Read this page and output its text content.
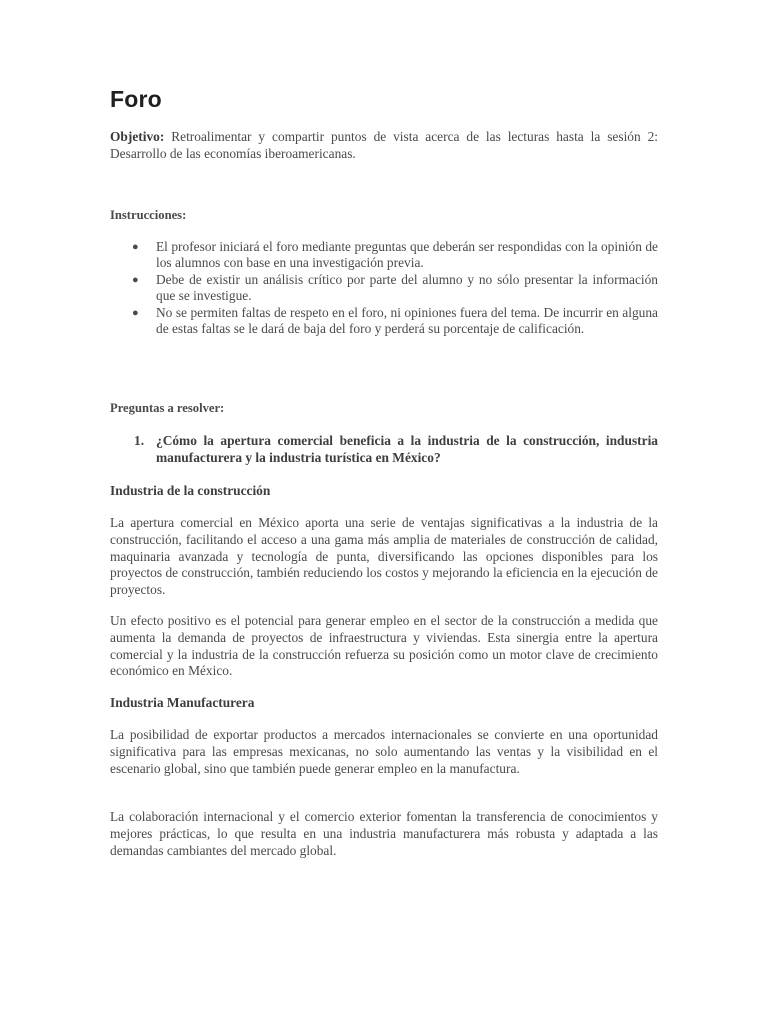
Foro

Objetivo: Retroalimentar y compartir puntos de vista acerca de las lecturas hasta la sesión 2: Desarrollo de las economías iberoamericanas.

Instrucciones:

● El profesor iniciará el foro mediante preguntas que deberán ser respondidas con la opinión de los alumnos con base en una investigación previa.
● Debe de existir un análisis crítico por parte del alumno y no sólo presentar la información que se investigue.
● No se permiten faltas de respeto en el foro, ni opiniones fuera del tema. De incurrir en alguna de estas faltas se le dará de baja del foro y perderá su porcentaje de calificación.

Preguntas a resolver:

1. ¿Cómo la apertura comercial beneficia a la industria de la construcción, industria manufacturera y la industria turística en México?

Industria de la construcción

La apertura comercial en México aporta una serie de ventajas significativas a la industria de la construcción, facilitando el acceso a una gama más amplia de materiales de construcción de calidad, maquinaria avanzada y tecnología de punta, diversificando las opciones disponibles para los proyectos de construcción, también reduciendo los costos y mejorando la eficiencia en la ejecución de proyectos.

Un efecto positivo es el potencial para generar empleo en el sector de la construcción a medida que aumenta la demanda de proyectos de infraestructura y viviendas. Esta sinergia entre la apertura comercial y la industria de la construcción refuerza su posición como un motor clave de crecimiento económico en México.

Industria Manufacturera

La posibilidad de exportar productos a mercados internacionales se convierte en una oportunidad significativa para las empresas mexicanas, no solo aumentando las ventas y la visibilidad en el escenario global, sino que también puede generar empleo en la manufactura.

La colaboración internacional y el comercio exterior fomentan la transferencia de conocimientos y mejores prácticas, lo que resulta en una industria manufacturera más robusta y adaptada a las demandas cambiantes del mercado global.
